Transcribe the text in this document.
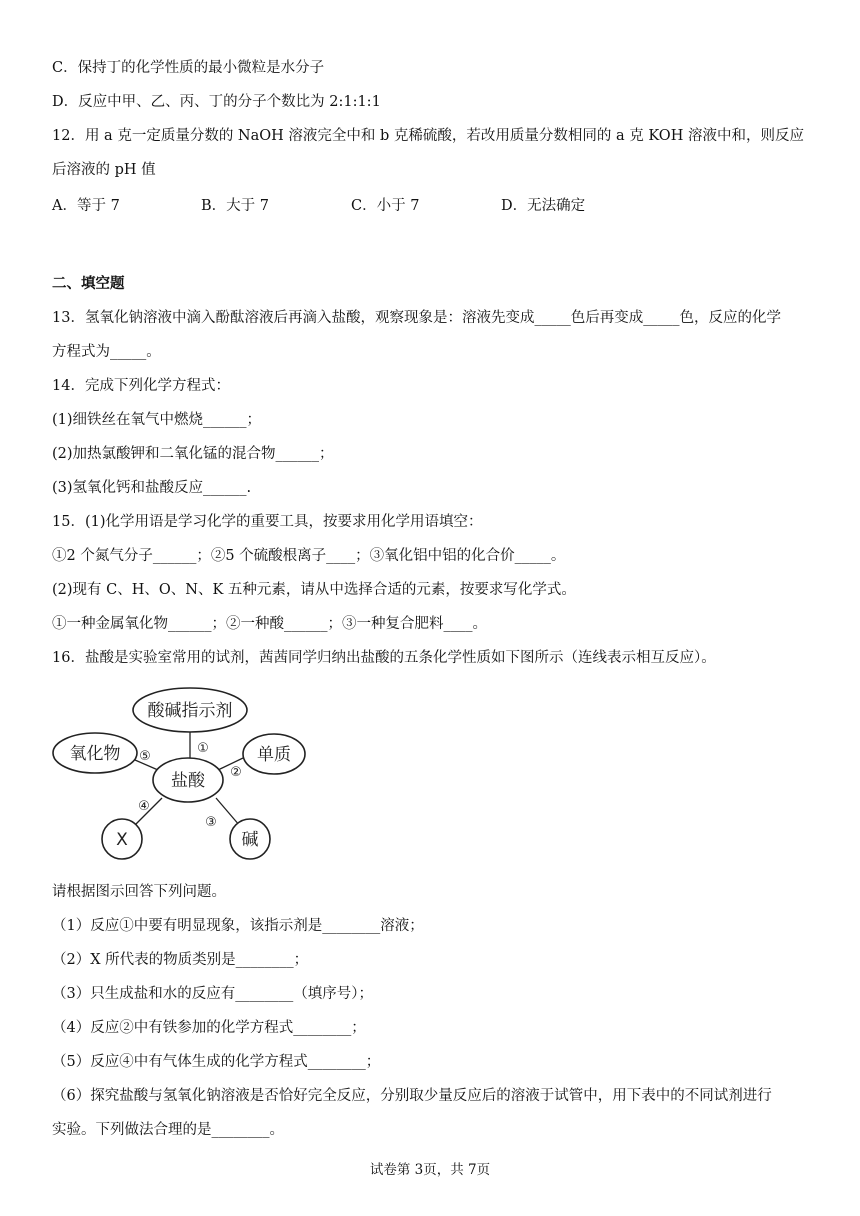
C．保持丁的化学性质的最小微粒是水分子
D．反应中甲、乙、丙、丁的分子个数比为 2:1:1:1
12．用 a 克一定质量分数的 NaOH 溶液完全中和 b 克稀硫酸，若改用质量分数相同的 a 克 KOH 溶液中和，则反应
后溶液的 pH 值
A．等于 7	B．大于 7	C．小于 7	D．无法确定
二、填空题
13．氢氧化钠溶液中滴入酚酞溶液后再滴入盐酸，观察现象是：溶液先变成_____色后再变成_____色，反应的化学
方程式为_____。
14．完成下列化学方程式：
(1)细铁丝在氧气中燃烧______；
(2)加热氯酸钾和二氧化锰的混合物______；
(3)氢氧化钙和盐酸反应______.
15．(1)化学用语是学习化学的重要工具，按要求用化学用语填空：
①2 个氮气分子______；②5 个硫酸根离子____；③氧化铝中铝的化合价_____。
(2)现有 C、H、O、N、K 五种元素，请从中选择合适的元素，按要求写化学式。
①一种金属氧化物______；②一种酸______；③一种复合肥料____。
16．盐酸是实验室常用的试剂，茜茜同学归纳出盐酸的五条化学性质如下图所示（连线表示相互反应）。
酸碱指示剂
氧化物	单质
盐酸
X	碱
①
②
③
④
⑤
请根据图示回答下列问题。
（1）反应①中要有明显现象，该指示剂是________溶液；
（2）X 所代表的物质类别是________；
（3）只生成盐和水的反应有________（填序号）；
（4）反应②中有铁参加的化学方程式________；
（5）反应④中有气体生成的化学方程式________；
（6）探究盐酸与氢氧化钠溶液是否恰好完全反应，分别取少量反应后的溶液于试管中，用下表中的不同试剂进行
实验。下列做法合理的是________。
试卷第 3页，共 7页
